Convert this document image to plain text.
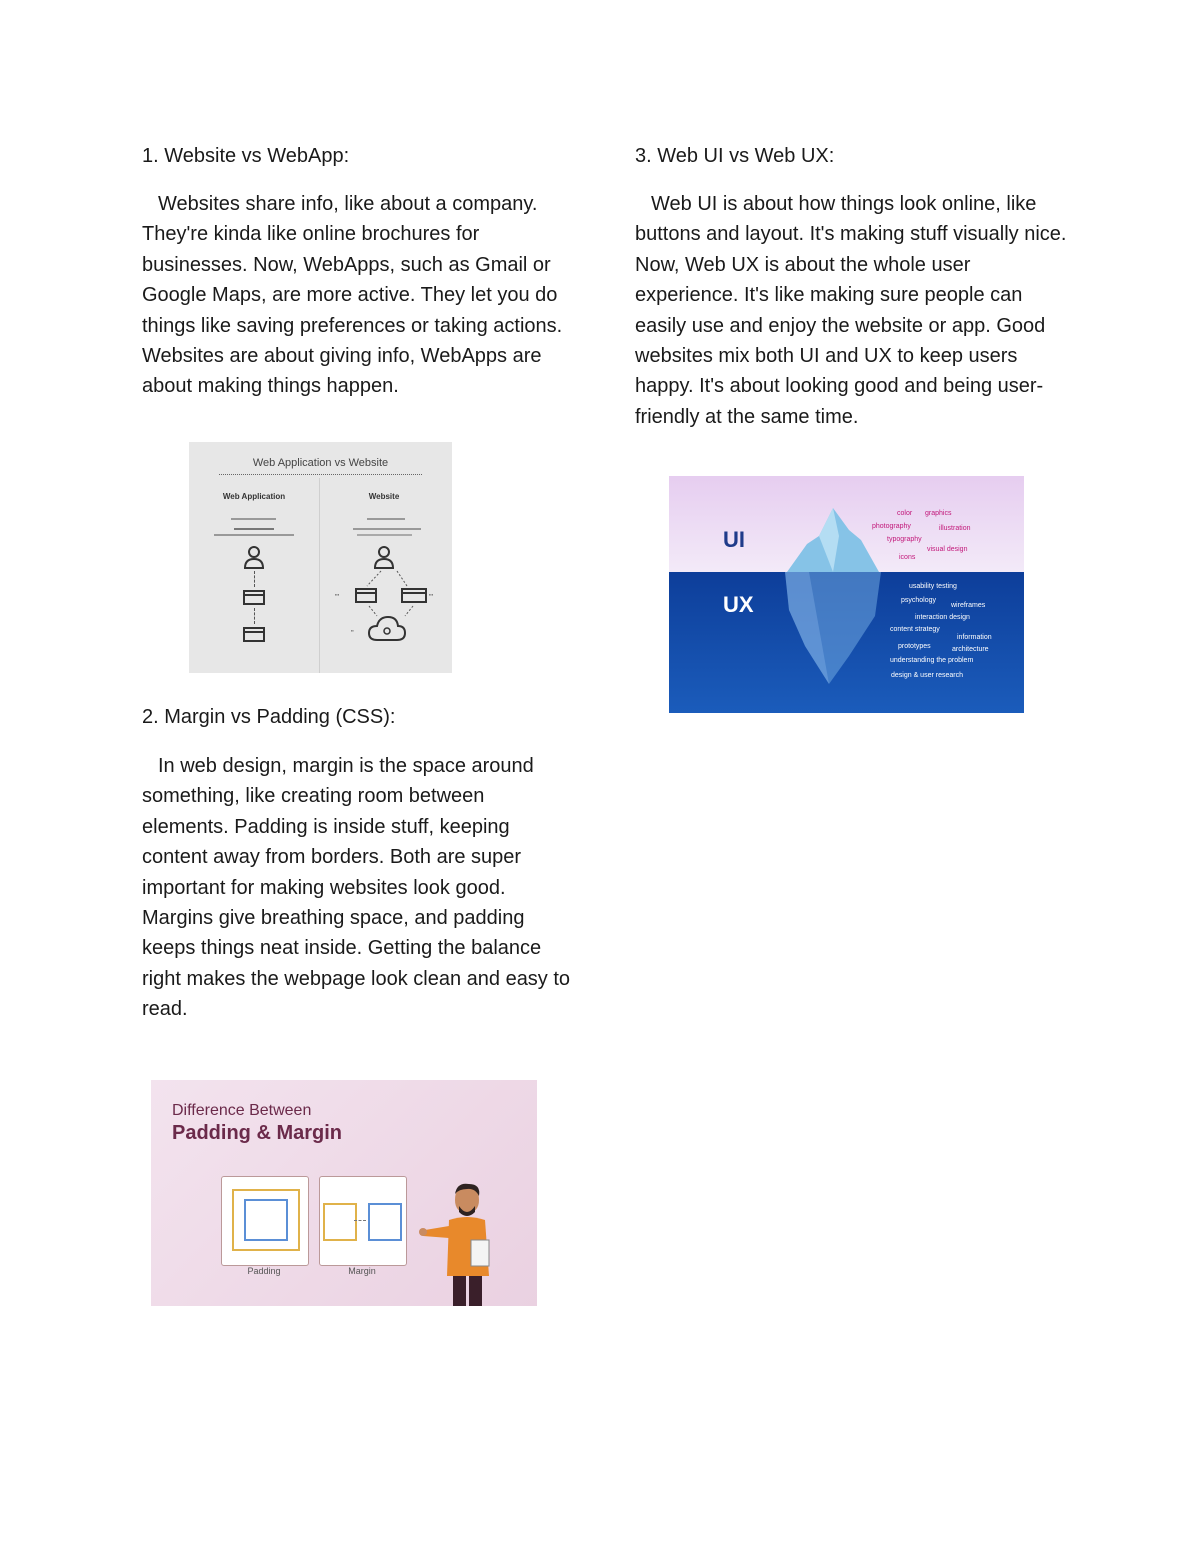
1. Website vs WebApp:

Websites share info, like about a company. They're kinda like online brochures for businesses. Now, WebApps, such as Gmail or Google Maps, are more active. They let you do things like saving preferences or taking actions. Websites are about giving info, WebApps are about making things happen.

Web Application vs Website
Web Application	Website
▪▪▪	▪▪▪
▪▪
2. Margin vs Padding (CSS):

In web design, margin is the space around something, like creating room between elements. Padding is inside stuff, keeping content away from borders. Both are super important for making websites look good. Margins give breathing space, and padding keeps things neat inside. Getting the balance right makes the webpage look clean and easy to read.

Difference Between
Padding & Margin
Padding	Margin
3. Web UI vs Web UX:

Web UI is about how things look online, like buttons and layout. It's making stuff visually nice. Now, Web UX is about the whole user experience. It's like making sure people can easily use and enjoy the website or app. Good websites mix both UI and UX to keep users happy. It's about looking good and being user-friendly at the same time.

UI
UX
color graphics
photography	illustration
typography
visual design
icons
usability testing
psychology
wireframes
interaction design
content strategy
information
prototypes	architecture
understanding the problem
design & user research
